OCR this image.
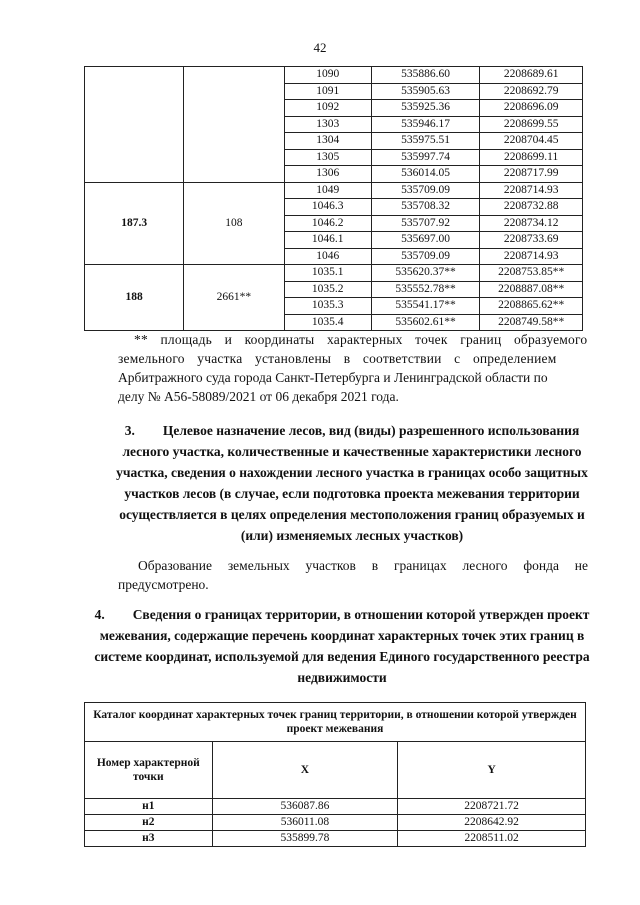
42
		1090	535886.60	2208689.61
		1091	535905.63	2208692.79
		1092	535925.36	2208696.09
		1303	535946.17	2208699.55
		1304	535975.51	2208704.45
		1305	535997.74	2208699.11
		1306	536014.05	2208717.99
187.3	108	1049	535709.09	2208714.93
		1046.3	535708.32	2208732.88
		1046.2	535707.92	2208734.12
		1046.1	535697.00	2208733.69
		1046	535709.09	2208714.93
188	2661**	1035.1	535620.37**	2208753.85**
		1035.2	535552.78**	2208887.08**
		1035.3	535541.17**	2208865.62**
		1035.4	535602.61**	2208749.58**

** площадь и координаты характерных точек границ образуемого

земельного участка установлены в соответствии с определением

Арбитражного суда города Санкт-Петербурга и Ленинградской области по

делу № А56-58089/2021 от 06 декабря 2021 года.

3. Целевое назначение лесов, вид (виды) разрешенного использования лесного участка, количественные и качественные характеристики лесного участка, сведения о нахождении лесного участка в границах особо защитных участков лесов (в случае, если подготовка проекта межевания территории осуществляется в целях определения местоположения границ образуемых и (или) изменяемых лесных участков)

Образование земельных участков в границах лесного фонда не предусмотрено.

4. Сведения о границах территории, в отношении которой утвержден проект межевания, содержащие перечень координат характерных точек этих границ в системе координат, используемой для ведения Единого государственного реестра недвижимости
Каталог координат характерных точек границ территории, в отношении которой утвержден проект межевания		
Номер характерной точки	X	Y
н1	536087.86	2208721.72
н2	536011.08	2208642.92
н3	535899.78	2208511.02
